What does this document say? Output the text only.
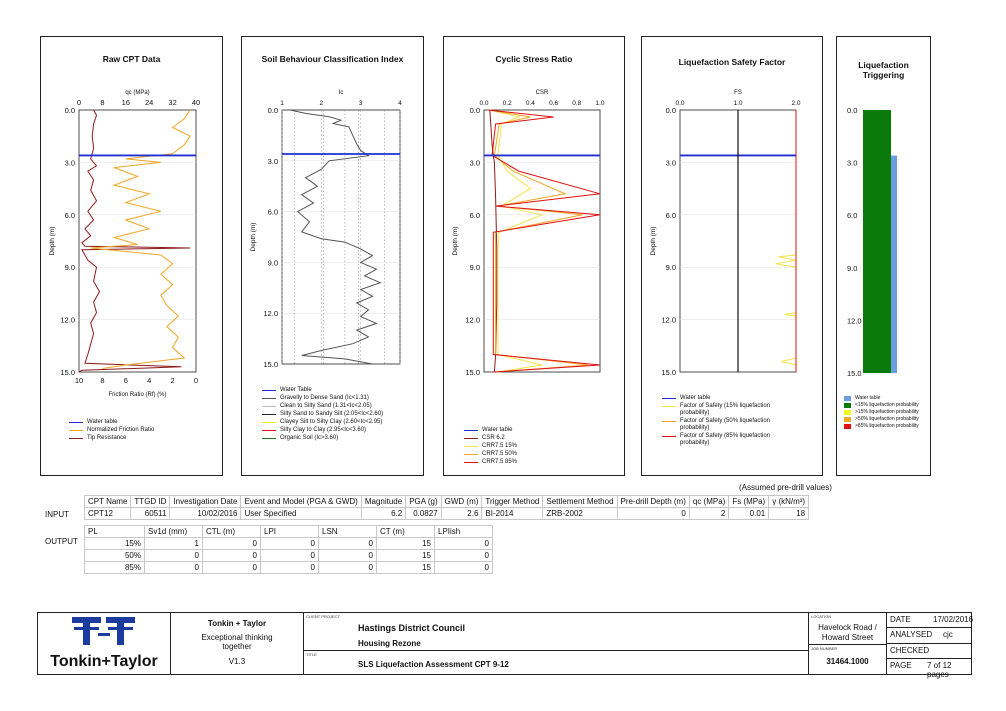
Raw CPT Data
0.0
3.0
6.0
9.0
12.0
15.0
0	8 16 24 32 40
qc (MPa)
Depth (m)
10 8	6	4	2	0
Friction Ratio (Rf) (%)
Water table
Normalized Friction Ratio
Tip Resistance
Soil Behaviour Classification Index
0.0
3.0
6.0
9.0
12.0
15.0
1	2	3	4
Ic
Depth (m)
Water Table
Gravelly to Dense Sand (Ic<1.31)
Clean to Silty Sand (1.31<Ic<2.05)
Silty Sand to Sandy Silt (2.05<Ic<2.60)
Clayey Silt to Silty Clay (2.60<Ic<2.95)
Silty Clay to Clay (2.95<Ic<3.60)
Organic Soil (Ic>3.60)
Cyclic Stress Ratio
0.0
3.0
6.0
9.0
12.0
15.0
0.0 0.2 0.4 0.6 0.8 1.0
CSR
Depth (m)
Water table
CSR 6.2
CRR7.5 15%
CRR7.5 50%
CRR7.5 85%
Liquefaction Safety Factor
0.0
3.0
6.0
9.0
12.0
15.0
0.0	1.0	2.0
FS
Depth (m)
Water table
Factor of Safety (15% liquefaction probability)
Factor of Safety (50% liquefaction probability)
Factor of Safety (85% liquefaction probability)
Liquefaction
Triggering
0.0
3.0
6.0
9.0
12.0
15.0
Water table
<15% liquefaction probability
>15% liquefaction probability
>50% liquefaction probability
>85% liquefaction probability
(Assumed pre-drill values)
INPUT
CPT Name	TTGD ID	Investigation Date	Event and Model (PGA & GWD)	Magnitude	PGA (g)	GWD (m)	Trigger Method	Settlement Method	Pre-drill Depth (m)	qc (MPa)	Fs (MPa)	γ (kN/m³)
CPT12	60511	10/02/2016	User Specified	6.2	0.0827	2.6	BI-2014	ZRB-2002	0	2	0.01	18
OUTPUT
PL	Sv1d (mm)	CTL (m)	LPI	LSN	CT (m)	LPIish
15%	1	0	0	0	15	0
50%	0	0	0	0	15	0
85%	0	0	0	0	15	0
Tonkin+Taylor
Tonkin + Taylor
Exceptional thinking
together
V1.3
CLIENT PROJECT
Hastings District Council
Housing Rezone
TITLE
SLS Liquefaction Assessment CPT 9-12
LOCATION
Havelock Road /
Howard Street
JOB NUMBER
31464.1000
DATE	17/02/2016
ANALYSED cjc
CHECKED
PAGE 7 of 12 pages
